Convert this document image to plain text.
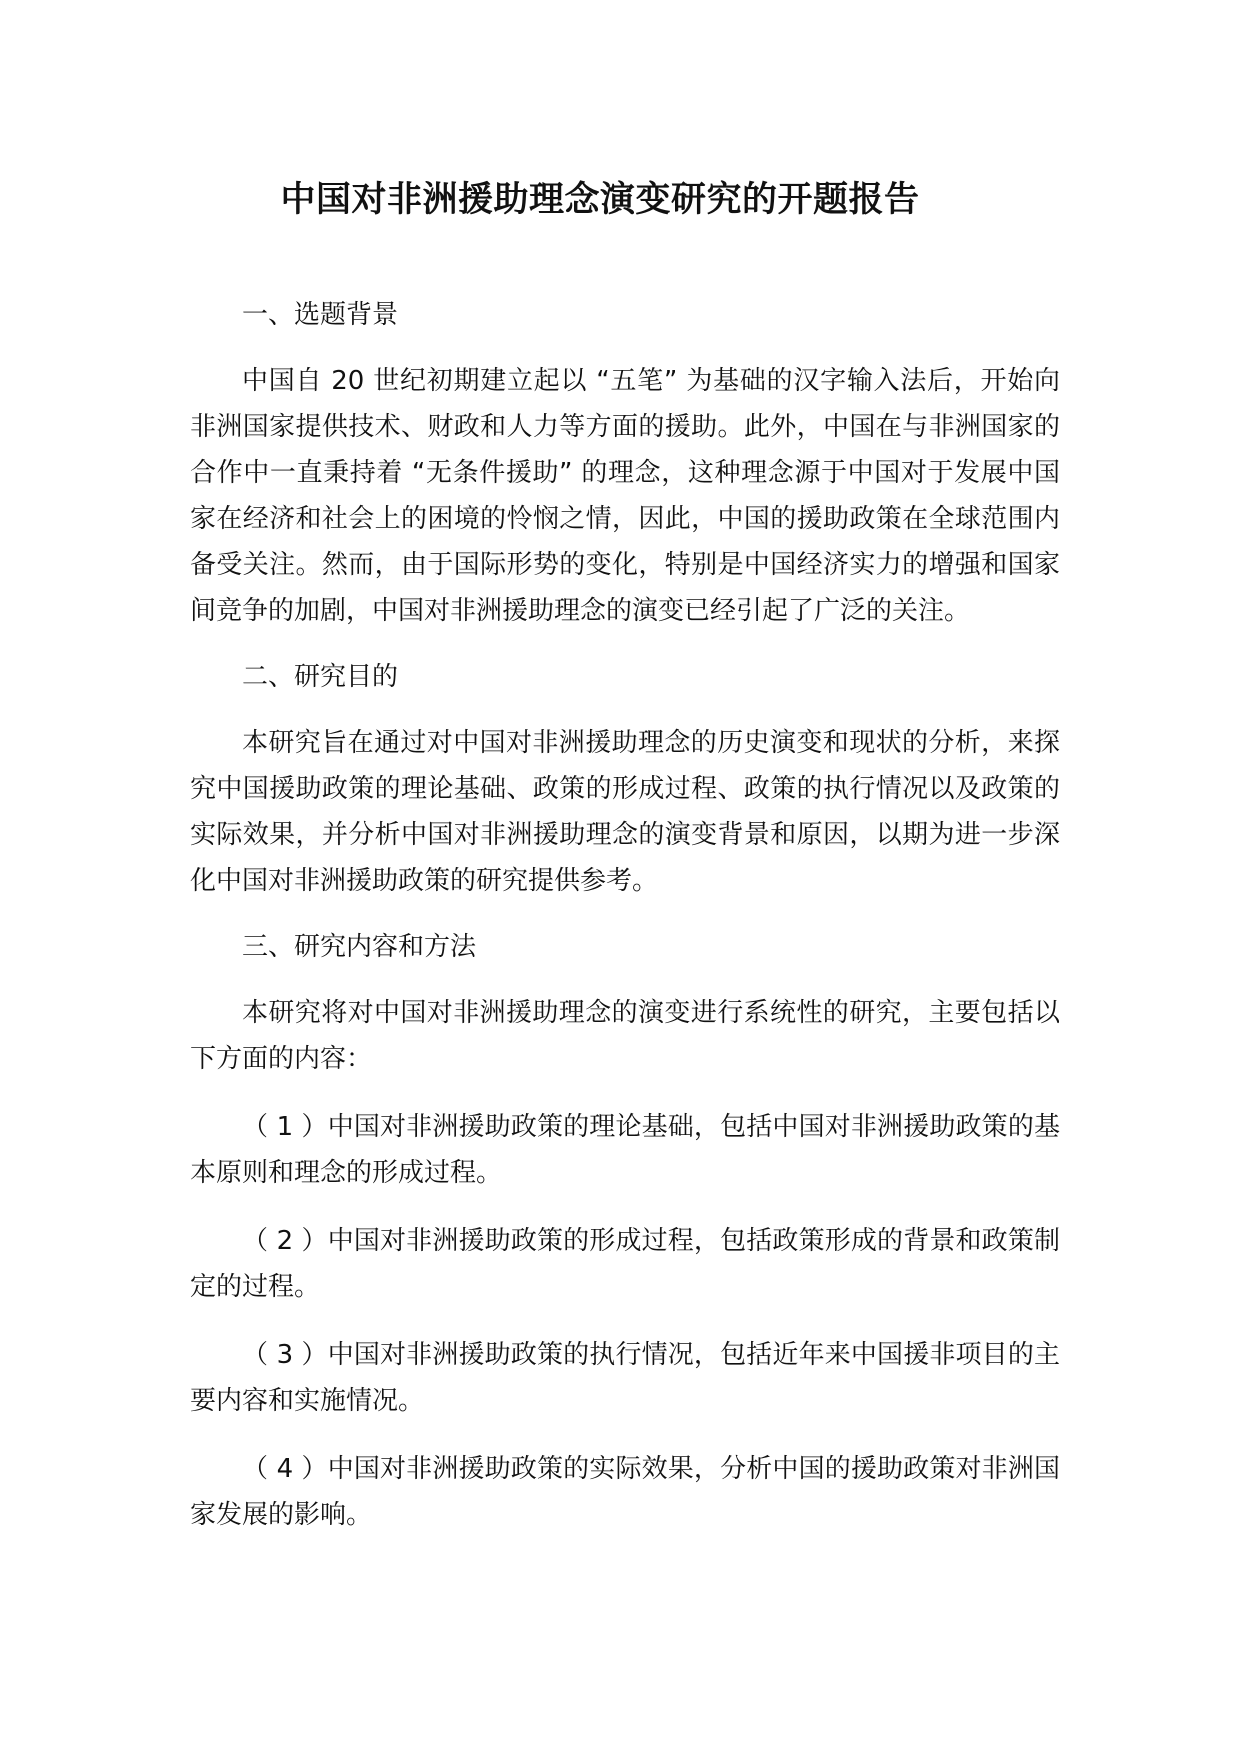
中国对非洲援助理念演变研究的开题报告

一、选题背景

中国自 20 世纪初期建立起以 “五笔” 为基础的汉字输入法后，开始向非洲国家提供技术、财政和人力等方面的援助。此外，中国在与非洲国家的合作中一直秉持着 “无条件援助” 的理念，这种理念源于中国对于发展中国家在经济和社会上的困境的怜悯之情，因此，中国的援助政策在全球范围内备受关注。然而，由于国际形势的变化，特别是中国经济实力的增强和国家间竞争的加剧，中国对非洲援助理念的演变已经引起了广泛的关注。

二、研究目的

本研究旨在通过对中国对非洲援助理念的历史演变和现状的分析，来探究中国援助政策的理论基础、政策的形成过程、政策的执行情况以及政策的实际效果，并分析中国对非洲援助理念的演变背景和原因，以期为进一步深化中国对非洲援助政策的研究提供参考。

三、研究内容和方法

本研究将对中国对非洲援助理念的演变进行系统性的研究，主要包括以下方面的内容：

（ 1 ）中国对非洲援助政策的理论基础，包括中国对非洲援助政策的基本原则和理念的形成过程。

（ 2 ）中国对非洲援助政策的形成过程，包括政策形成的背景和政策制定的过程。

（ 3 ）中国对非洲援助政策的执行情况，包括近年来中国援非项目的主要内容和实施情况。

（ 4 ）中国对非洲援助政策的实际效果，分析中国的援助政策对非洲国家发展的影响。
